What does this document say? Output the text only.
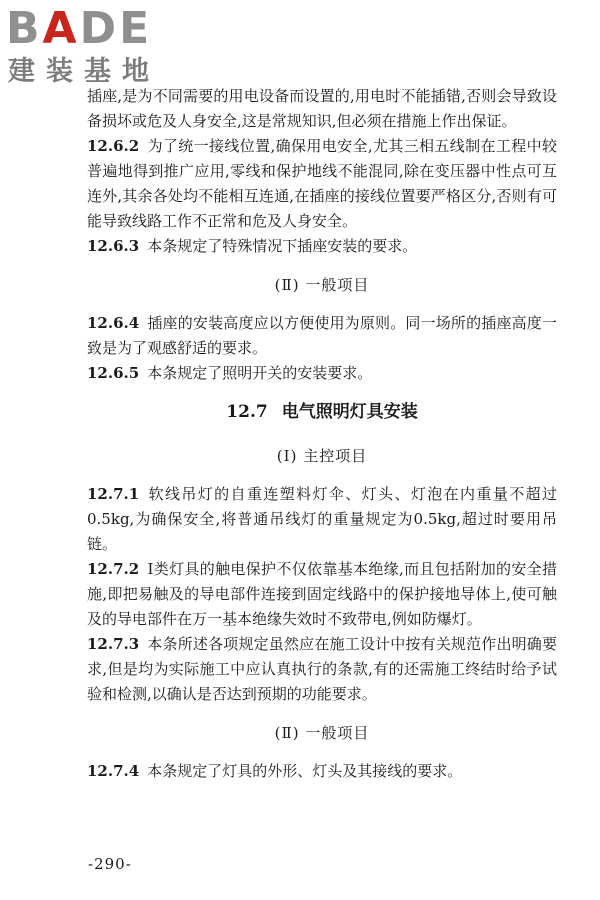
BADE
建装基地

插座,是为不同需要的用电设备而设置的,用电时不能插错,否则会导致设备损坏或危及人身安全,这是常规知识,但必须在措施上作出保证。

12.6.2 为了统一接线位置,确保用电安全,尤其三相五线制在工程中较普遍地得到推广应用,零线和保护地线不能混同,除在变压器中性点可互连外,其余各处均不能相互连通,在插座的接线位置要严格区分,否则有可能导致线路工作不正常和危及人身安全。

12.6.3 本条规定了特殊情况下插座安装的要求。

(Ⅱ) 一般项目

12.6.4 插座的安装高度应以方便使用为原则。同一场所的插座高度一致是为了观感舒适的要求。

12.6.5 本条规定了照明开关的安装要求。

12.7 电气照明灯具安装
(Ⅰ) 主控项目

12.7.1 软线吊灯的自重连塑料灯伞、灯头、灯泡在内重量不超过0.5kg,为确保安全,将普通吊线灯的重量规定为0.5kg,超过时要用吊链。

12.7.2 Ⅰ类灯具的触电保护不仅依靠基本绝缘,而且包括附加的安全措施,即把易触及的导电部件连接到固定线路中的保护接地导体上,使可触及的导电部件在万一基本绝缘失效时不致带电,例如防爆灯。

12.7.3 本条所述各项规定虽然应在施工设计中按有关规范作出明确要求,但是均为实际施工中应认真执行的条款,有的还需施工终结时给予试验和检测,以确认是否达到预期的功能要求。

(Ⅱ) 一般项目

12.7.4 本条规定了灯具的外形、灯头及其接线的要求。

-290-
